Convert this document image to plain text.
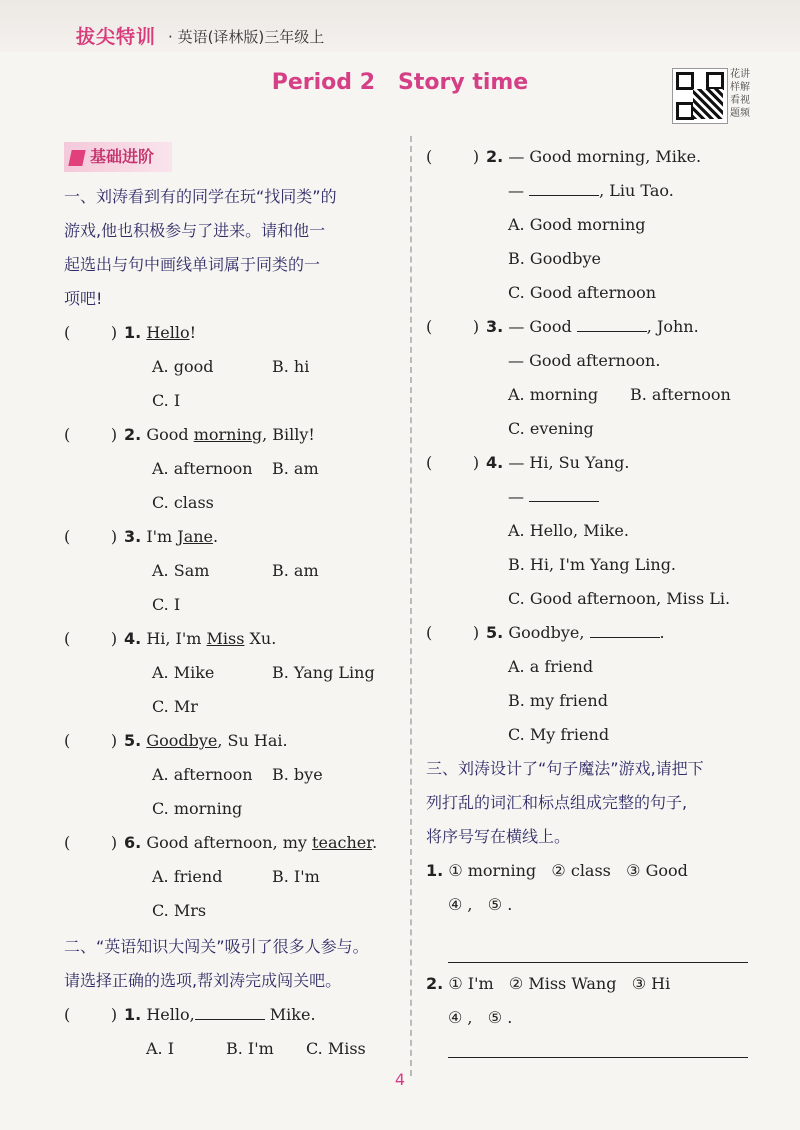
拔尖特训 · 英语(译林版)三年级上
Period 2   Story time	花讲
样解
看视
题频
基础进阶
一、刘涛看到有的同学在玩“找同类”的
游戏,他也积极参与了进来。请和他一
起选出与句中画线单词属于同类的一
项吧!
(        ) 1. Hello!
A. good	B. hi
C. I
(        ) 2. Good morning, Billy!
A. afternoon B. am
C. class
(        ) 3. I'm Jane.
A. Sam	B. am
C. I
(        ) 4. Hi, I'm Miss Xu.
A. Mike	B. Yang Ling
C. Mr
(        ) 5. Goodbye, Su Hai.
A. afternoon B. bye
C. morning
(        ) 6. Good afternoon, my teacher.
A. friend	B. I'm
C. Mrs
二、“英语知识大闯关”吸引了很多人参与。
请选择正确的选项,帮刘涛完成闯关吧。
(        ) 1. Hello,	Mike.
A. I	B. I'm C. Miss
(        ) 2. — Good morning, Mike.
—	, Liu Tao.
A. Good morning
B. Goodbye
C. Good afternoon
(        ) 3. — Good	, John.
— Good afternoon.
A. morning B. afternoon
C. evening
(        ) 4. — Hi, Su Yang.
—
A. Hello, Mike.
B. Hi, I'm Yang Ling.
C. Good afternoon, Miss Li.
(        ) 5. Goodbye,	.
A. a friend
B. my friend
C. My friend
三、刘涛设计了“句子魔法”游戏,请把下
列打乱的词汇和标点组成完整的句子,
将序号写在横线上。
1. ① morning   ② class   ③ Good
④ ,   ⑤ .
2. ① I'm   ② Miss Wang   ③ Hi
④ ,   ⑤ .
4
